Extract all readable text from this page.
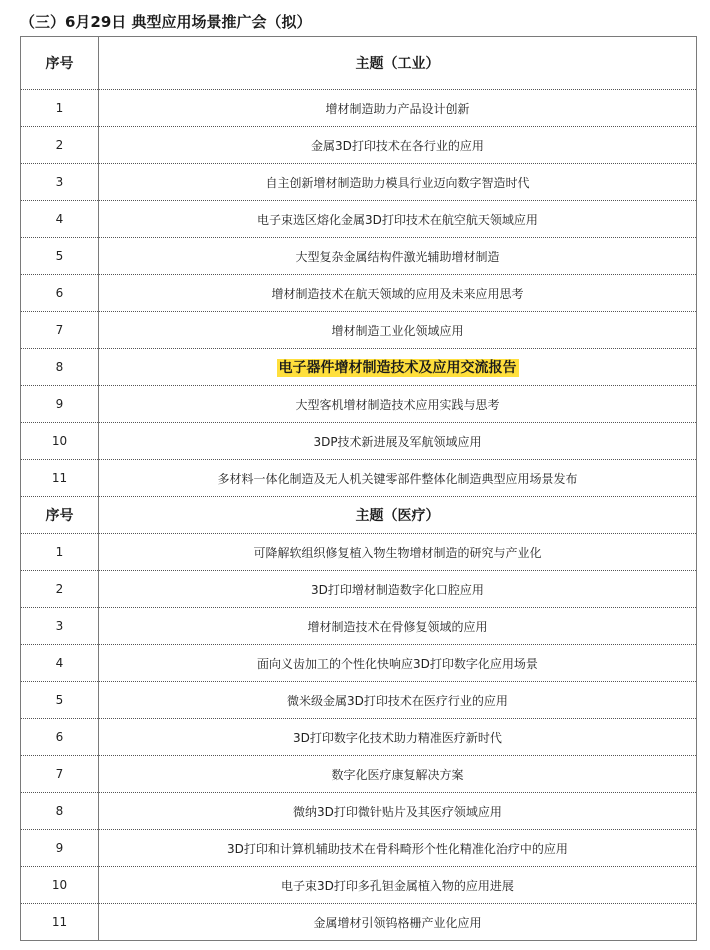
（三）6月29日 典型应用场景推广会（拟）
序号	主题（工业）
1	增材制造助力产品设计创新
2	金属3D打印技术在各行业的应用
3	自主创新增材制造助力模具行业迈向数字智造时代
4	电子束选区熔化金属3D打印技术在航空航天领域应用
5	大型复杂金属结构件激光辅助增材制造
6	增材制造技术在航天领域的应用及未来应用思考
7	增材制造工业化领域应用
8	电子器件增材制造技术及应用交流报告
9	大型客机增材制造技术应用实践与思考
10	3DP技术新进展及军航领域应用
11	多材料一体化制造及无人机关键零部件整体化制造典型应用场景发布
序号	主题（医疗）
1	可降解软组织修复植入物生物增材制造的研究与产业化
2	3D打印增材制造数字化口腔应用
3	增材制造技术在骨修复领域的应用
4	面向义齿加工的个性化快响应3D打印数字化应用场景
5	微米级金属3D打印技术在医疗行业的应用
6	3D打印数字化技术助力精准医疗新时代
7	数字化医疗康复解决方案
8	微纳3D打印微针贴片及其医疗领域应用
9	3D打印和计算机辅助技术在骨科畸形个性化精准化治疗中的应用
10	电子束3D打印多孔钽金属植入物的应用进展
11	金属增材引领钨格栅产业化应用
